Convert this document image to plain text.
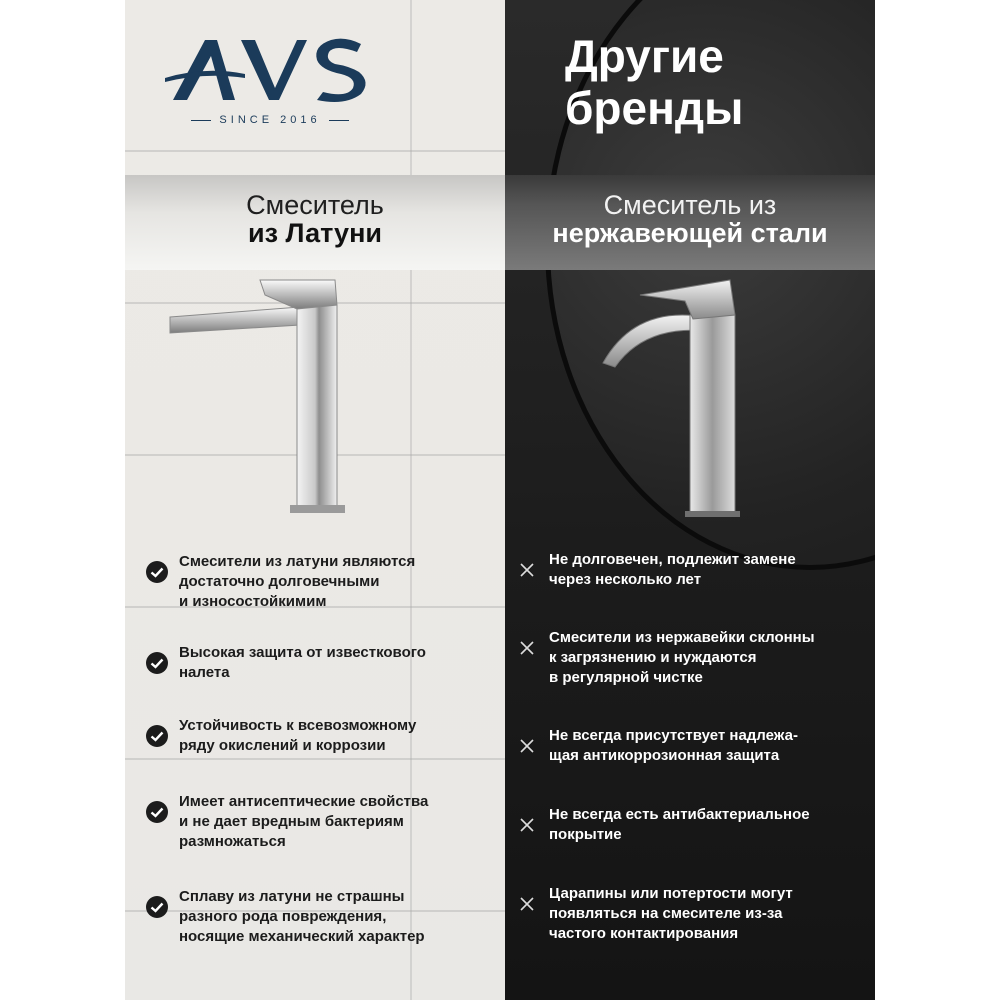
SINCE 2016
Смеситель
из Латуни
Смесители из латуни являются
достаточно долговечными
и износостойкимим
Высокая защита от известкового
налета
Устойчивость к всевозможному
ряду окислений и коррозии
Имеет антисептические свойства
и не дает вредным бактериям
размножаться
Сплаву из латуни не страшны
разного рода повреждения,
носящие механический характер
Другие бренды
Смеситель из
нержавеющей стали
Не долговечен, подлежит замене
через несколько лет
Смесители из нержавейки склонны
к загрязнению и нуждаются
в регулярной чистке
Не всегда присутствует надлежа-
щая антикоррозионная защита
Не всегда есть антибактериальное
покрытие
Царапины или потертости могут
появляться на смесителе из-за
частого контактирования
